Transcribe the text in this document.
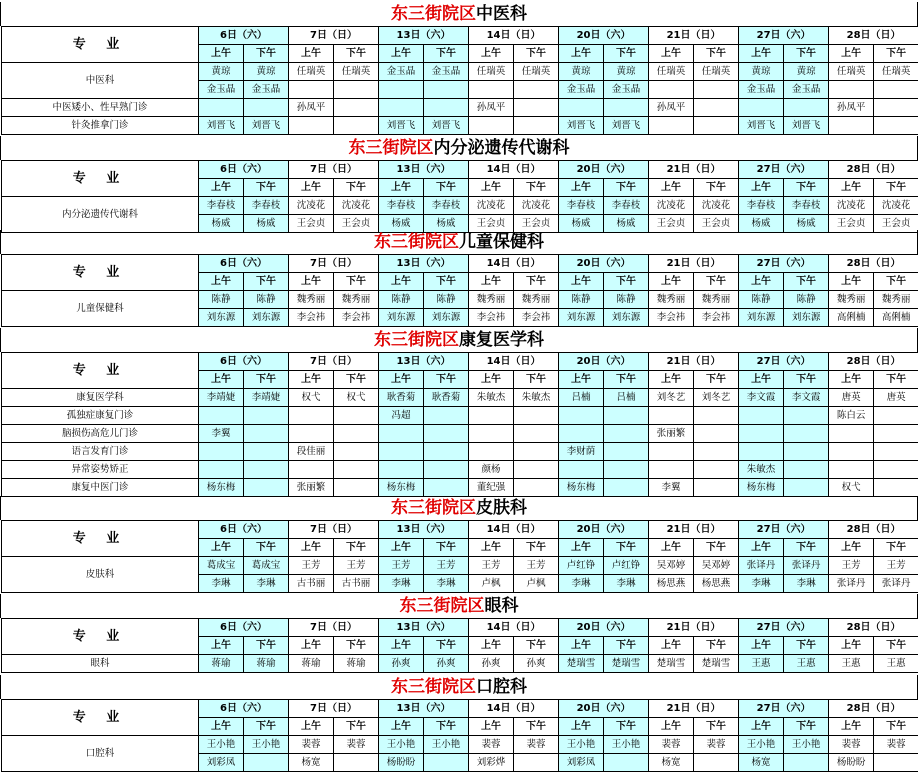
东三街院区中医科
专 业	6日（六）		7日（日）		13日（六）		14日（日）		20日（六）		21日（日）		27日（六）		28日（日）	
	上午	下午	上午	下午	上午	下午	上午	下午	上午	下午	上午	下午	上午	下午	上午	下午
中医科	黄琼	黄琼	任瑞英	任瑞英	金玉晶	金玉晶	任瑞英	任瑞英	黄琼	黄琼	任瑞英	任瑞英	黄琼	黄琼	任瑞英	任瑞英
	金玉晶	金玉晶							金玉晶	金玉晶			金玉晶	金玉晶		
中医矮小、性早熟门诊			孙凤平				孙凤平				孙凤平				孙凤平	
针灸推拿门诊	刘晋飞	刘晋飞			刘晋飞	刘晋飞			刘晋飞	刘晋飞			刘晋飞	刘晋飞		
东三街院区内分泌遗传代谢科
专 业	6日（六）		7日（日）		13日（六）		14日（日）		20日（六）		21日（日）		27日（六）		28日（日）	
	上午	下午	上午	下午	上午	下午	上午	下午	上午	下午	上午	下午	上午	下午	上午	下午
内分泌遗传代谢科	李春枝	李春枝	沈凌花	沈凌花	李春枝	李春枝	沈凌花	沈凌花	李春枝	李春枝	沈凌花	沈凌花	李春枝	李春枝	沈凌花	沈凌花
	杨威	杨威	王会贞	王会贞	杨威	杨威	王会贞	王会贞	杨威	杨威	王会贞	王会贞	杨威	杨威	王会贞	王会贞
东三街院区儿童保健科
专 业	6日（六）		7日（日）		13日（六）		14日（日）		20日（六）		21日（日）		27日（六）		28日（日）	
	上午	下午	上午	下午	上午	下午	上午	下午	上午	下午	上午	下午	上午	下午	上午	下午
儿童保健科	陈静	陈静	魏秀丽	魏秀丽	陈静	陈静	魏秀丽	魏秀丽	陈静	陈静	魏秀丽	魏秀丽	陈静	陈静	魏秀丽	魏秀丽
	刘东源	刘东源	李会祎	李会祎	刘东源	刘东源	李会祎	李会祎	刘东源	刘东源	李会祎	李会祎	刘东源	刘东源	高俐楠	高俐楠
东三街院区康复医学科
专 业	6日（六）		7日（日）		13日（六）		14日（日）		20日（六）		21日（日）		27日（六）		28日（日）	
	上午	下午	上午	下午	上午	下午	上午	下午	上午	下午	上午	下午	上午	下午	上午	下午
康复医学科	李靖婕	李靖婕	权弋	权弋	耿香菊	耿香菊	朱敏杰	朱敏杰	吕楠	吕楠	刘冬艺	刘冬艺	李文霞	李文霞	唐英	唐英
孤独症康复门诊					冯超										陈白云	
脑损伤高危儿门诊	李翼										张丽繁					
语言发育门诊			段佳丽						李财荫							
异常姿势矫正							颜杨						朱敏杰			
康复中医门诊	杨东梅		张丽繁		杨东梅		董纪强		杨东梅		李翼		杨东梅		权弋	
东三街院区皮肤科
专 业	6日（六）		7日（日）		13日（六）		14日（日）		20日（六）		21日（日）		27日（六）		28日（日）	
	上午	下午	上午	下午	上午	下午	上午	下午	上午	下午	上午	下午	上午	下午	上午	下午
皮肤科	葛成宝	葛成宝	王芳	王芳	王芳	王芳	王芳	王芳	卢红铮	卢红铮	吴邓婷	吴邓婷	张译丹	张译丹	王芳	王芳
	李琳	李琳	古书丽	古书丽	李琳	李琳	卢枫	卢枫	李琳	李琳	杨思燕	杨思燕	李琳	李琳	张译丹	张译丹
东三街院区眼科
专 业	6日（六）		7日（日）		13日（六）		14日（日）		20日（六）		21日（日）		27日（六）		28日（日）	
	上午	下午	上午	下午	上午	下午	上午	下午	上午	下午	上午	下午	上午	下午	上午	下午
眼科	蒋瑜	蒋瑜	蒋瑜	蒋瑜	孙爽	孙爽	孙爽	孙爽	楚瑞雪	楚瑞雪	楚瑞雪	楚瑞雪	王惠	王惠	王惠	王惠
东三街院区口腔科
专 业	6日（六）		7日（日）		13日（六）		14日（日）		20日（六）		21日（日）		27日（六）		28日（日）	
	上午	下午	上午	下午	上午	下午	上午	下午	上午	下午	上午	下午	上午	下午	上午	下午
口腔科	王小艳	王小艳	裴蓉	裴蓉	王小艳	王小艳	裴蓉	裴蓉	王小艳	王小艳	裴蓉	裴蓉	王小艳	王小艳	裴蓉	裴蓉
	刘彩凤		杨宽		杨盼盼		刘彩烨		刘彩凤		杨宽		杨宽		杨盼盼	
